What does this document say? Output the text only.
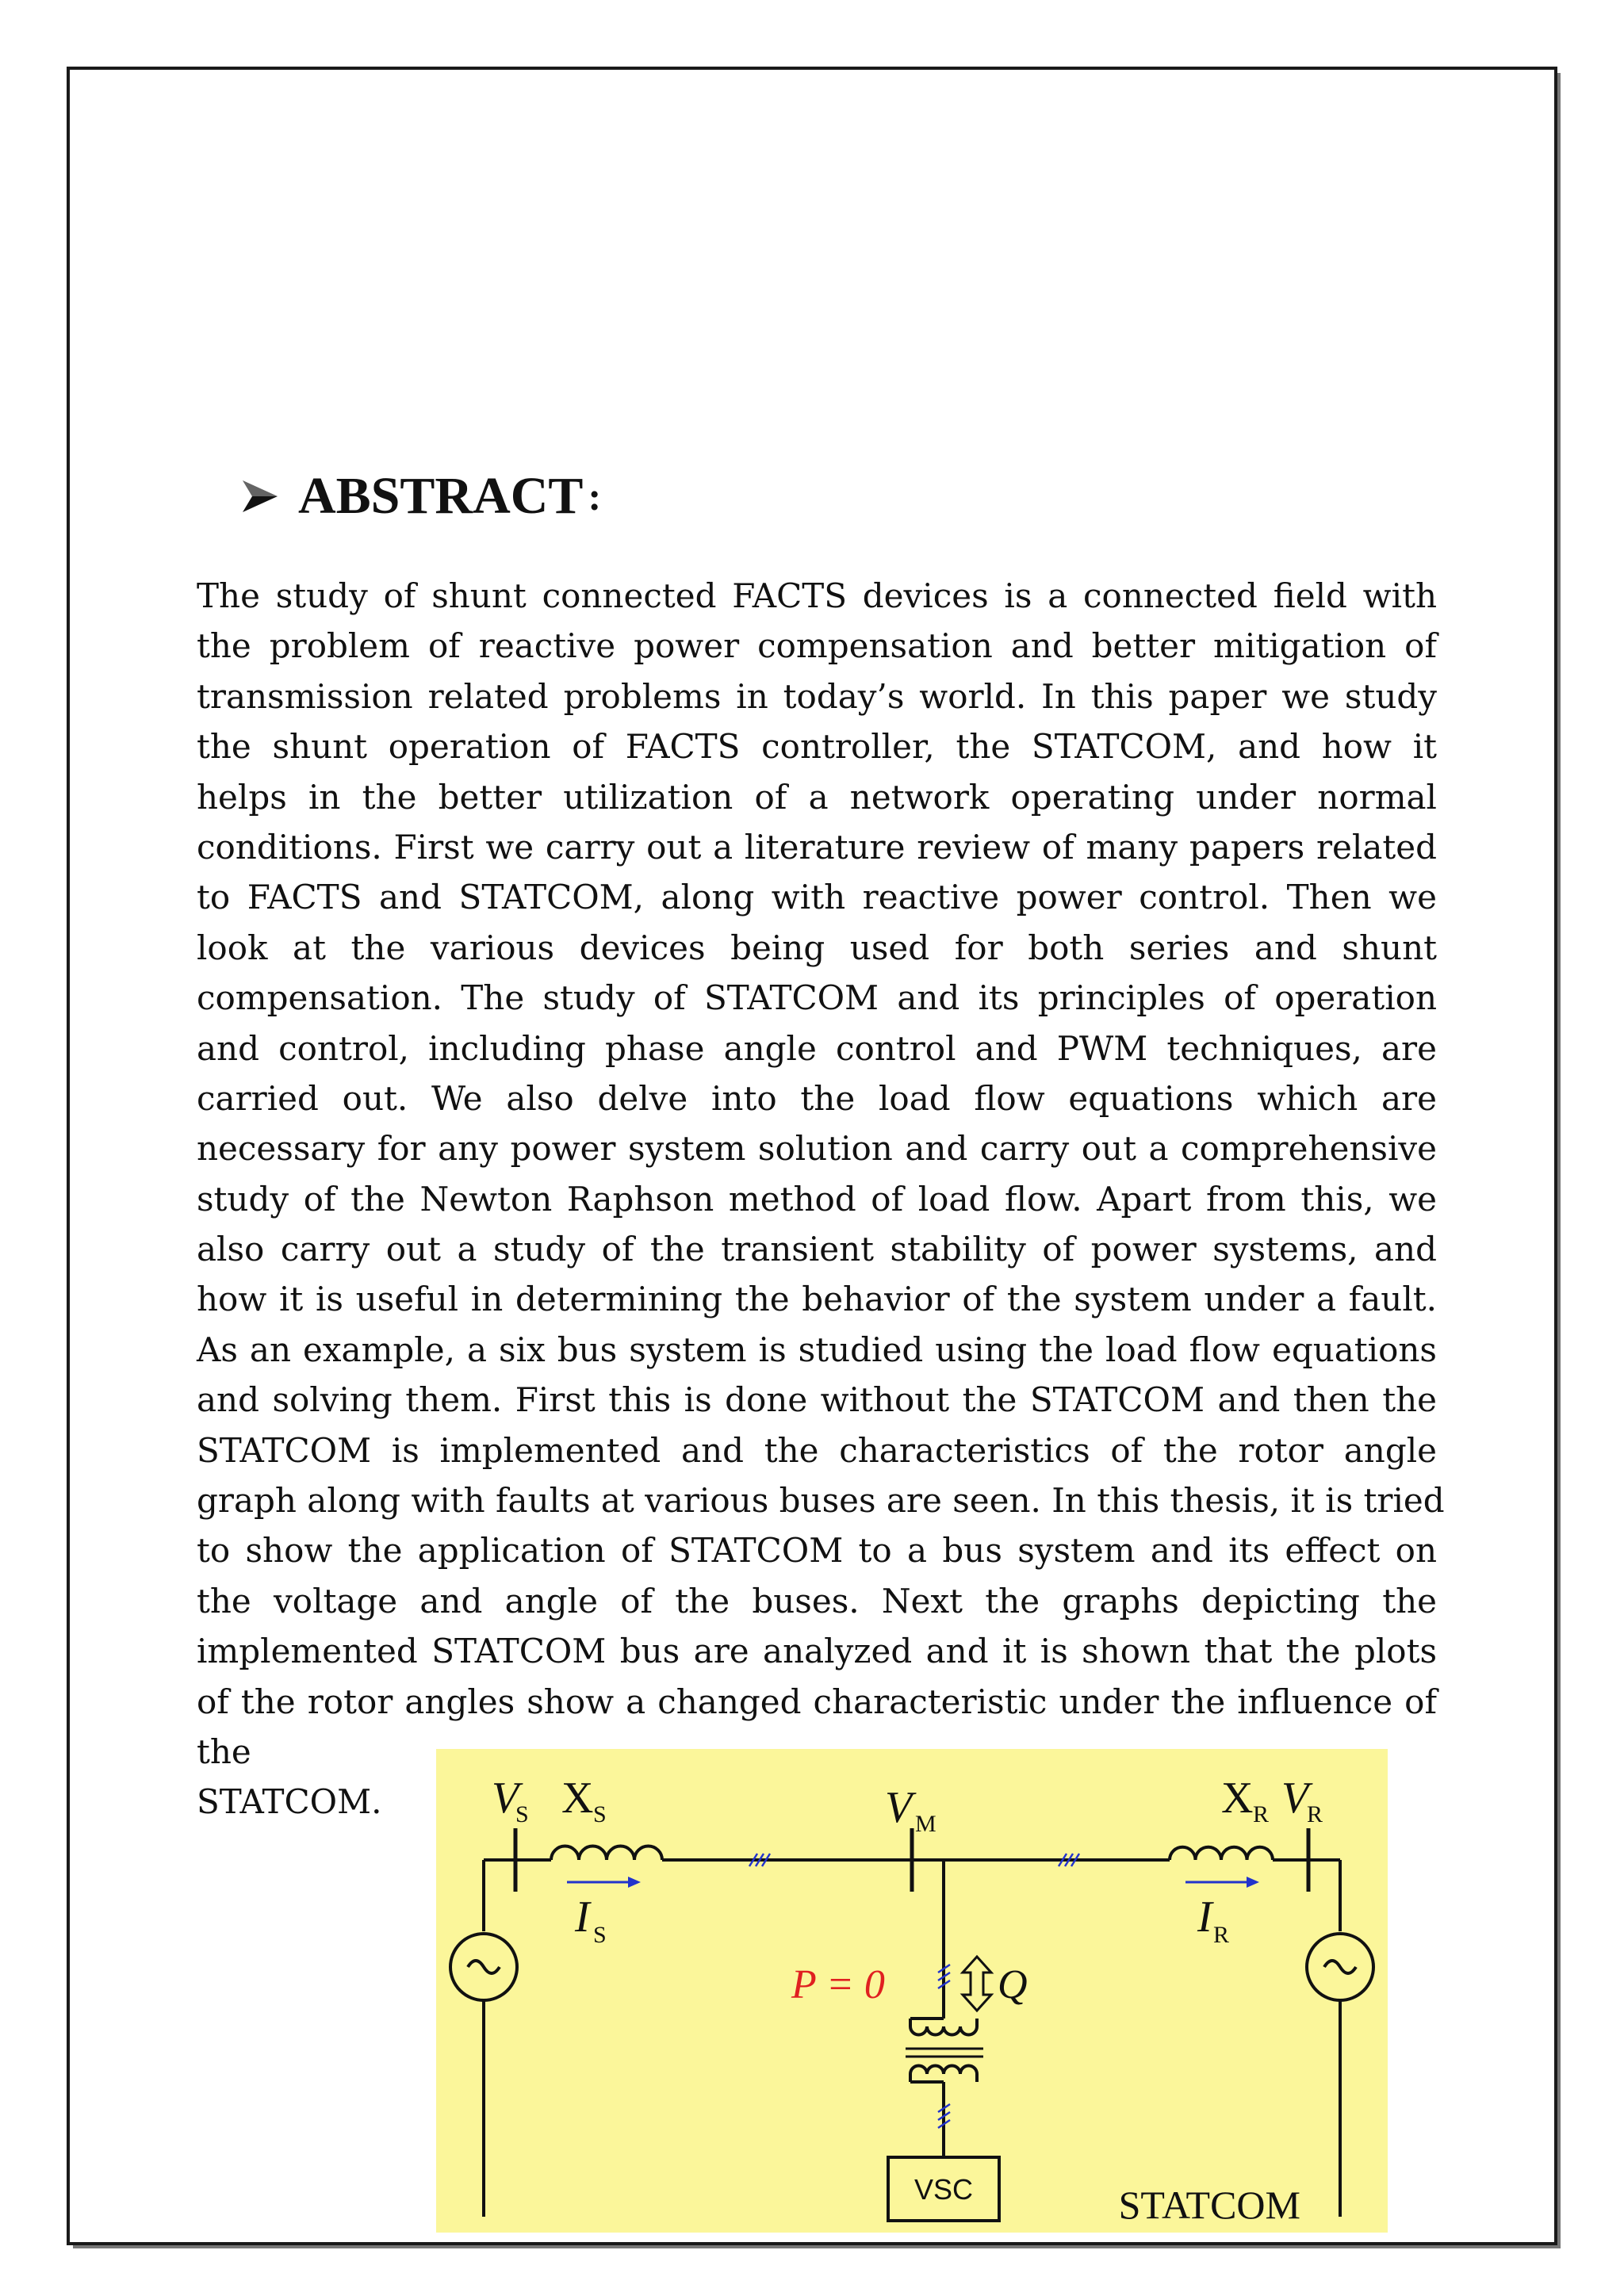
ABSTRACT :
The study of shunt connected FACTS devices is a connected field with
the problem of reactive power compensation and better mitigation of
transmission related problems in today’s world. In this paper we study
the shunt operation of FACTS controller, the STATCOM, and how it
helps in the better utilization of a network operating under normal
conditions. First we carry out a literature review of many papers related
to FACTS and STATCOM, along with reactive power control. Then we
look at the various devices being used for both series and shunt
compensation. The study of STATCOM and its principles of operation
and control, including phase angle control and PWM techniques, are
carried out. We also delve into the load flow equations which are
necessary for any power system solution and carry out a comprehensive
study of the Newton Raphson method of load flow. Apart from this, we
also carry out a study of the transient stability of power systems, and
how it is useful in determining the behavior of the system under a fault.
As an example, a six bus system is studied using the load flow equations
and solving them. First this is done without the STATCOM and then the
STATCOM is implemented and the characteristics of the rotor angle
graph along with faults at various buses are seen. In this thesis, it is tried
to show the application of STATCOM to a bus system and its effect on
the voltage and angle of the buses. Next the graphs depicting the
implemented STATCOM bus are analyzed and it is shown that the plots
of the rotor angles show a changed characteristic under the influence of
the
STATCOM.	V
S X S
I S
V M
X R V
R
I R
P = 0	Q
STATCOM
VSC
